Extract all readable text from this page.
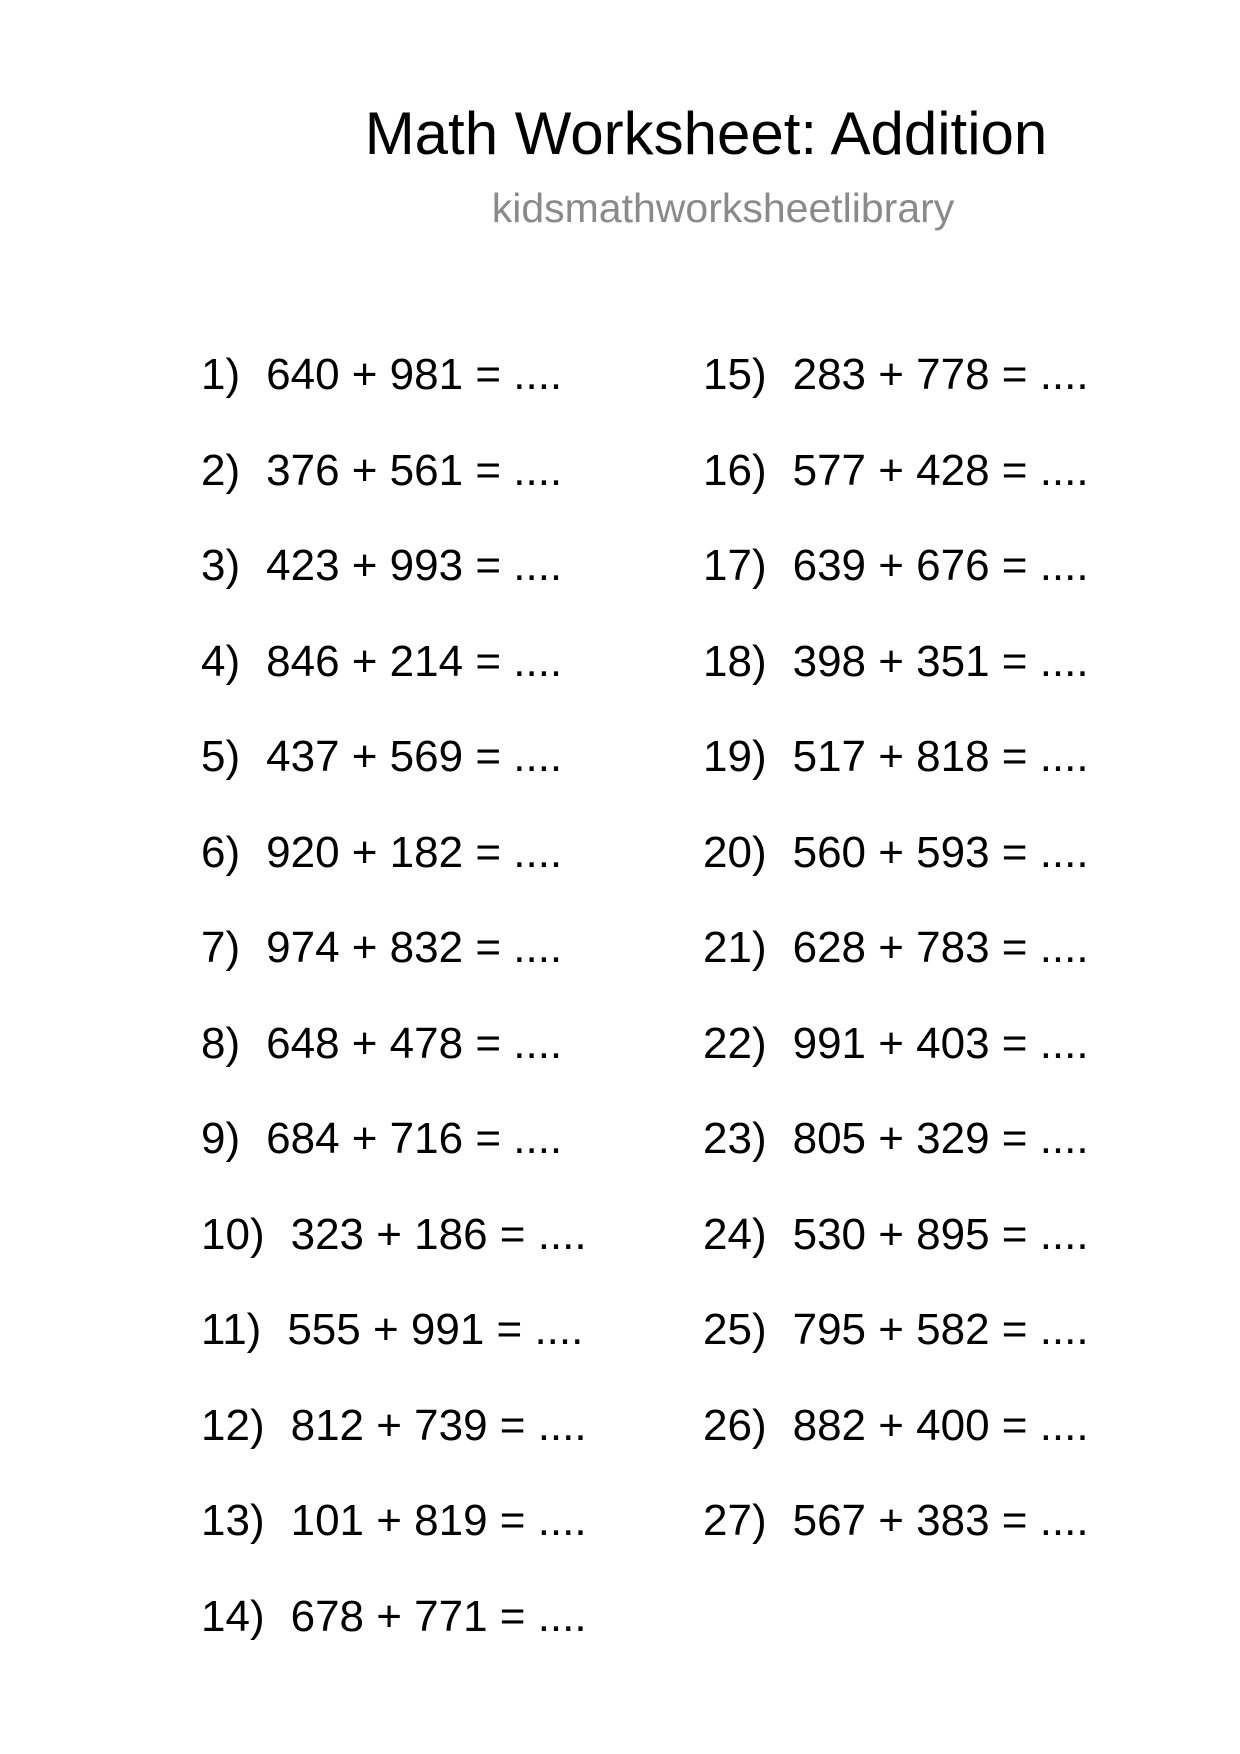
Math Worksheet: Addition
kidsmathworksheetlibrary
1) 640 + 981 = ....
2) 376 + 561 = ....
3) 423 + 993 = ....
4) 846 + 214 = ....
5) 437 + 569 = ....
6) 920 + 182 = ....
7) 974 + 832 = ....
8) 648 + 478 = ....
9) 684 + 716 = ....
10) 323 + 186 = ....
11) 555 + 991 = ....
12) 812 + 739 = ....
13) 101 + 819 = ....
14) 678 + 771 = ....
15) 283 + 778 = ....
16) 577 + 428 = ....
17) 639 + 676 = ....
18) 398 + 351 = ....
19) 517 + 818 = ....
20) 560 + 593 = ....
21) 628 + 783 = ....
22) 991 + 403 = ....
23) 805 + 329 = ....
24) 530 + 895 = ....
25) 795 + 582 = ....
26) 882 + 400 = ....
27) 567 + 383 = ....
